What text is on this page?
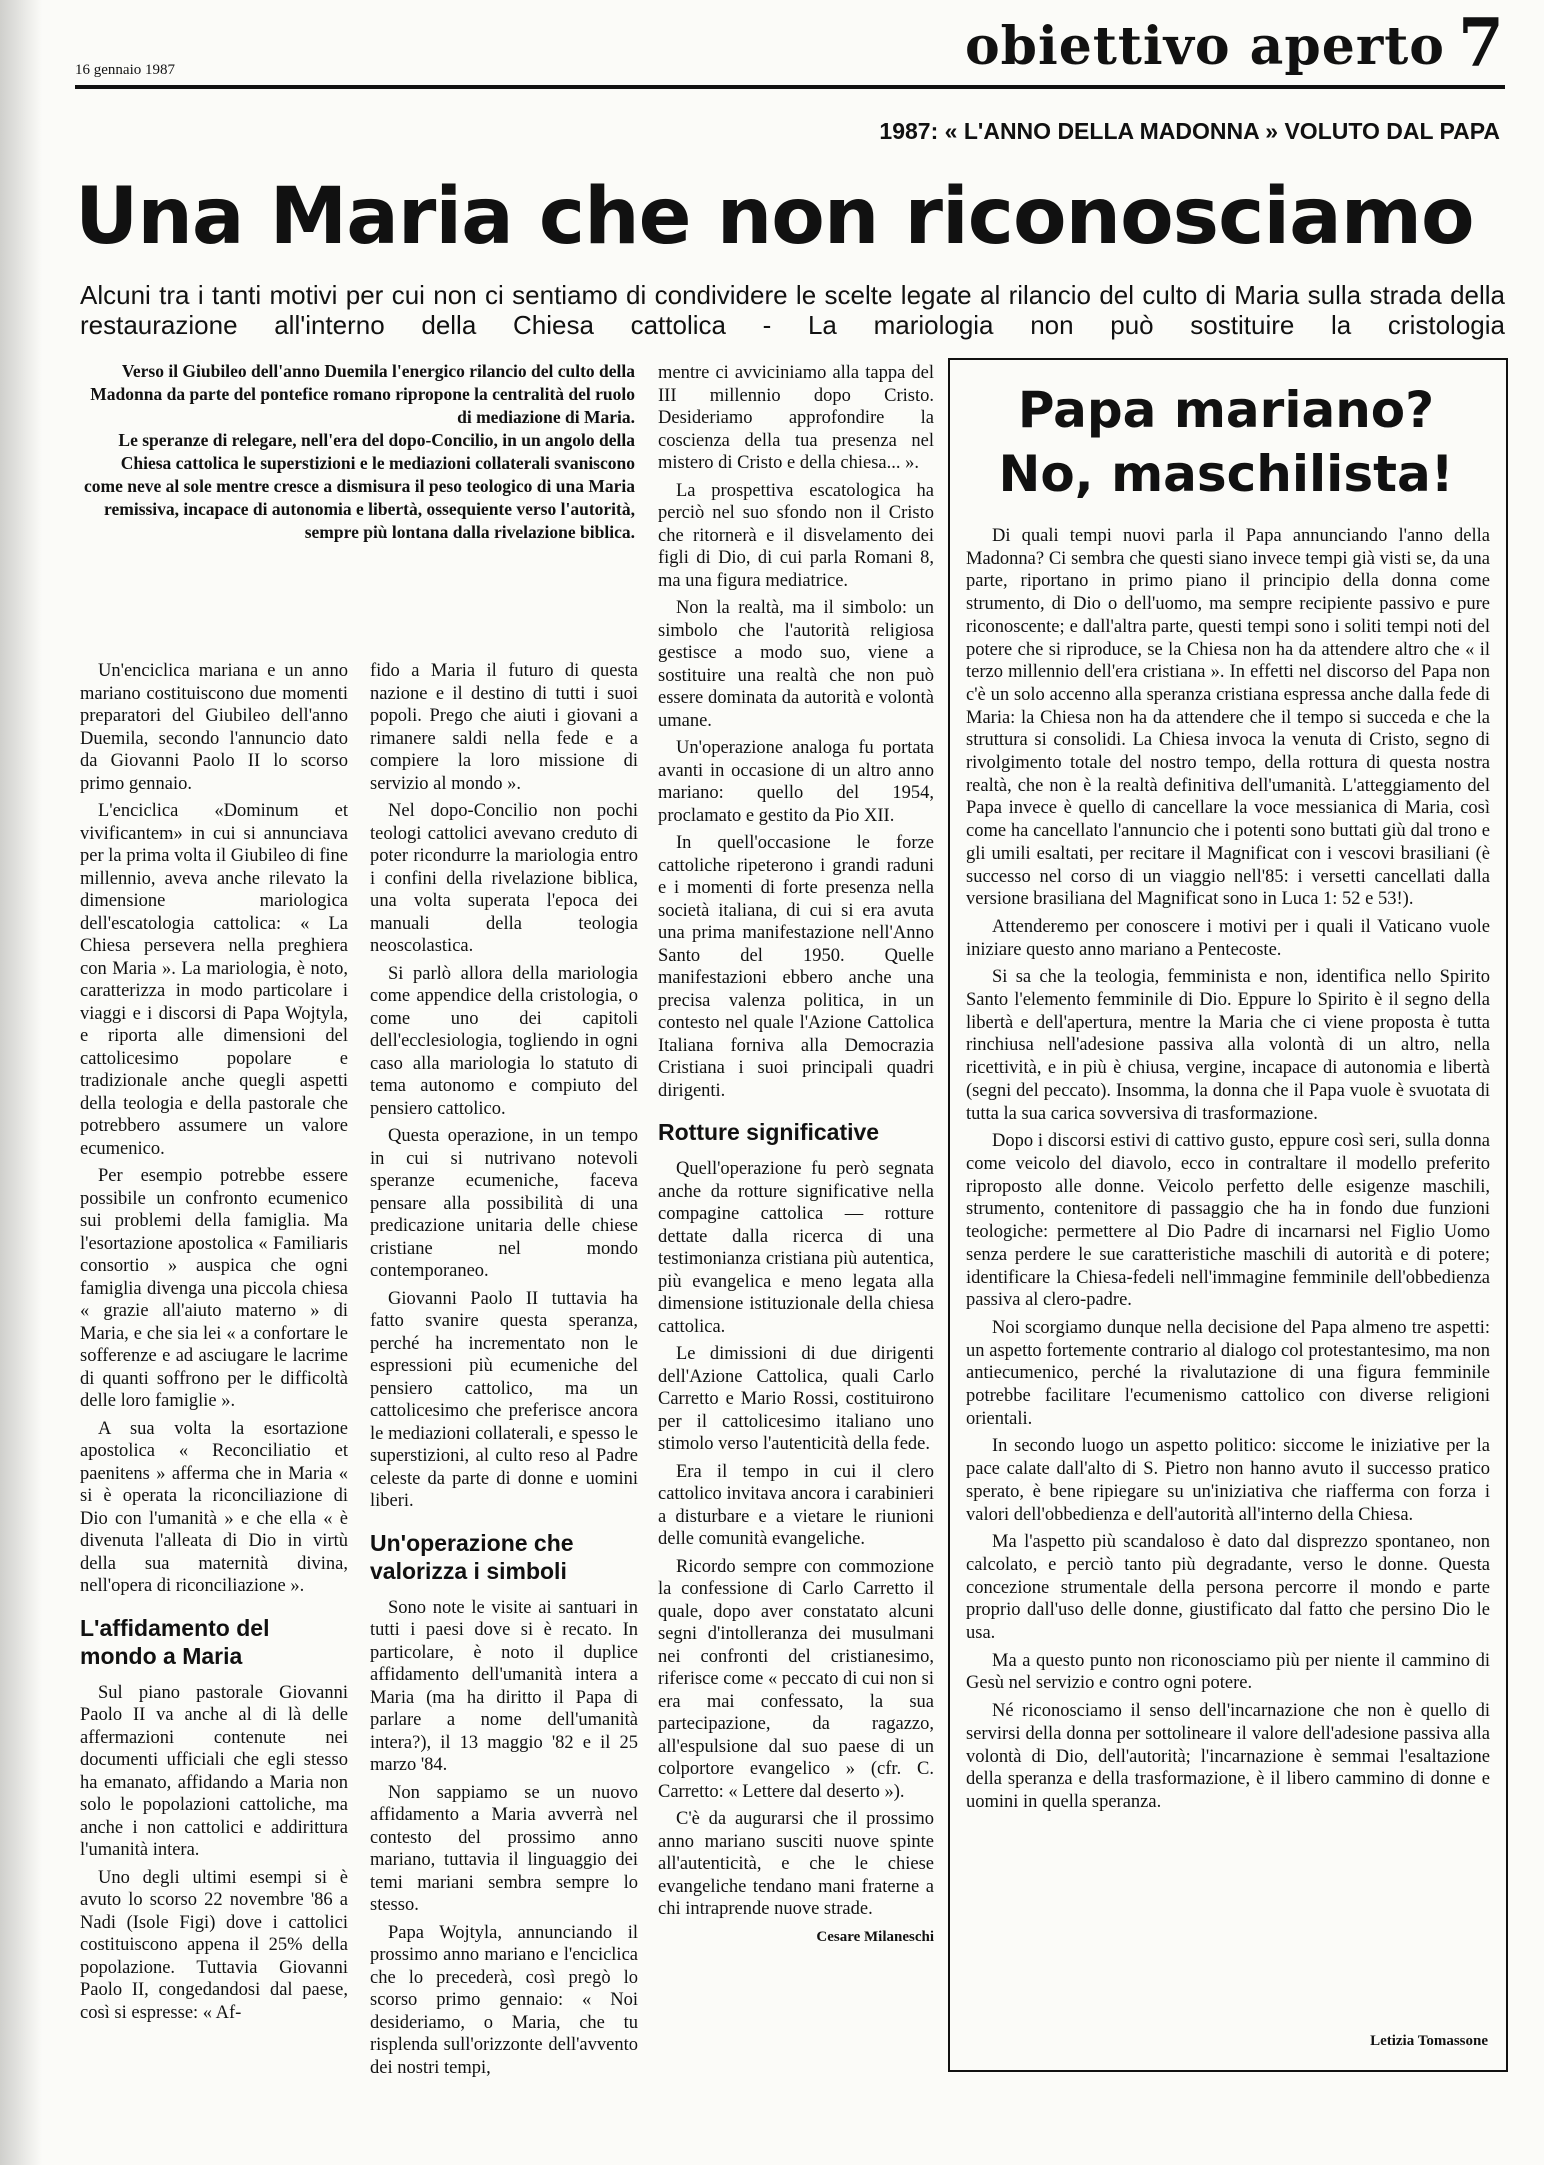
16 gennaio 1987	obiettivo aperto 7
1987: « L'ANNO DELLA MADONNA » VOLUTO DAL PAPA
Una Maria che non riconosciamo
Alcuni tra i tanti motivi per cui non ci sentiamo di condividere le scelte legate al rilancio del culto di Maria sulla strada della restaurazione all'interno della Chiesa cattolica - La mariologia non può sostituire la cristologia

Verso il Giubileo dell'anno Duemila l'energico rilancio del culto della Madonna da parte del pontefice romano ripropone la centralità del ruolo di mediazione di Maria.

Le speranze di relegare, nell'era del dopo-Concilio, in un angolo della Chiesa cattolica le superstizioni e le mediazioni collaterali svaniscono come neve al sole mentre cresce a dismisura il peso teologico di una Maria remissiva, incapace di autonomia e libertà, ossequiente verso l'autorità, sempre più lontana dalla rivelazione biblica.

Un'enciclica mariana e un anno mariano costituiscono due momenti preparatori del Giubileo dell'anno Duemila, secondo l'annuncio dato da Giovanni Paolo II lo scorso primo gennaio.

L'enciclica «Dominum et vivificantem» in cui si annunciava per la prima volta il Giubileo di fine millennio, aveva anche rilevato la dimensione mariologica dell'escatologia cattolica: « La Chiesa persevera nella preghiera con Maria ». La mariologia, è noto, caratterizza in modo particolare i viaggi e i discorsi di Papa Wojtyla, e riporta alle dimensioni del cattolicesimo popolare e tradizionale anche quegli aspetti della teologia e della pastorale che potrebbero assumere un valore ecumenico.

Per esempio potrebbe essere possibile un confronto ecumenico sui problemi della famiglia. Ma l'esortazione apostolica « Familiaris consortio » auspica che ogni famiglia divenga una piccola chiesa « grazie all'aiuto materno » di Maria, e che sia lei « a confortare le sofferenze e ad asciugare le lacrime di quanti soffrono per le difficoltà delle loro famiglie ».

A sua volta la esortazione apostolica « Reconciliatio et paenitens » afferma che in Maria « si è operata la riconciliazione di Dio con l'umanità » e che ella « è divenuta l'alleata di Dio in virtù della sua maternità divina, nell'opera di riconciliazione ».

L'affidamento del mondo a Maria

Sul piano pastorale Giovanni Paolo II va anche al di là delle affermazioni contenute nei documenti ufficiali che egli stesso ha emanato, affidando a Maria non solo le popolazioni cattoliche, ma anche i non cattolici e addirittura l'umanità intera.

Uno degli ultimi esempi si è avuto lo scorso 22 novembre '86 a Nadi (Isole Figi) dove i cattolici costituiscono appena il 25% della popolazione. Tuttavia Giovanni Paolo II, congedandosi dal paese, così si espresse: « Af-

fido a Maria il futuro di questa nazione e il destino di tutti i suoi popoli. Prego che aiuti i giovani a rimanere saldi nella fede e a compiere la loro missione di servizio al mondo ».

Nel dopo-Concilio non pochi teologi cattolici avevano creduto di poter ricondurre la mariologia entro i confini della rivelazione biblica, una volta superata l'epoca dei manuali della teologia neoscolastica.

Si parlò allora della mariologia come appendice della cristologia, o come uno dei capitoli dell'ecclesiologia, togliendo in ogni caso alla mariologia lo statuto di tema autonomo e compiuto del pensiero cattolico.

Questa operazione, in un tempo in cui si nutrivano notevoli speranze ecumeniche, faceva pensare alla possibilità di una predicazione unitaria delle chiese cristiane nel mondo contemporaneo.

Giovanni Paolo II tuttavia ha fatto svanire questa speranza, perché ha incrementato non le espressioni più ecumeniche del pensiero cattolico, ma un cattolicesimo che preferisce ancora le mediazioni collaterali, e spesso le superstizioni, al culto reso al Padre celeste da parte di donne e uomini liberi.

Un'operazione che valorizza i simboli

Sono note le visite ai santuari in tutti i paesi dove si è recato. In particolare, è noto il duplice affidamento dell'umanità intera a Maria (ma ha diritto il Papa di parlare a nome dell'umanità intera?), il 13 maggio '82 e il 25 marzo '84.

Non sappiamo se un nuovo affidamento a Maria avverrà nel contesto del prossimo anno mariano, tuttavia il linguaggio dei temi mariani sembra sempre lo stesso.

Papa Wojtyla, annunciando il prossimo anno mariano e l'enciclica che lo precederà, così pregò lo scorso primo gennaio: « Noi desideriamo, o Maria, che tu risplenda sull'orizzonte dell'avvento dei nostri tempi,

mentre ci avviciniamo alla tappa del III millennio dopo Cristo. Desideriamo approfondire la coscienza della tua presenza nel mistero di Cristo e della chiesa... ».

La prospettiva escatologica ha perciò nel suo sfondo non il Cristo che ritornerà e il disvelamento dei figli di Dio, di cui parla Romani 8, ma una figura mediatrice.

Non la realtà, ma il simbolo: un simbolo che l'autorità religiosa gestisce a modo suo, viene a sostituire una realtà che non può essere dominata da autorità e volontà umane.

Un'operazione analoga fu portata avanti in occasione di un altro anno mariano: quello del 1954, proclamato e gestito da Pio XII.

In quell'occasione le forze cattoliche ripeterono i grandi raduni e i momenti di forte presenza nella società italiana, di cui si era avuta una prima manifestazione nell'Anno Santo del 1950. Quelle manifestazioni ebbero anche una precisa valenza politica, in un contesto nel quale l'Azione Cattolica Italiana forniva alla Democrazia Cristiana i suoi principali quadri dirigenti.

Rotture significative

Quell'operazione fu però segnata anche da rotture significative nella compagine cattolica — rotture dettate dalla ricerca di una testimonianza cristiana più autentica, più evangelica e meno legata alla dimensione istituzionale della chiesa cattolica.

Le dimissioni di due dirigenti dell'Azione Cattolica, quali Carlo Carretto e Mario Rossi, costituirono per il cattolicesimo italiano uno stimolo verso l'autenticità della fede.

Era il tempo in cui il clero cattolico invitava ancora i carabinieri a disturbare e a vietare le riunioni delle comunità evangeliche.

Ricordo sempre con commozione la confessione di Carlo Carretto il quale, dopo aver constatato alcuni segni d'intolleranza dei musulmani nei confronti del cristianesimo, riferisce come « peccato di cui non si era mai confessato, la sua partecipazione, da ragazzo, all'espulsione dal suo paese di un colportore evangelico » (cfr. C. Carretto: « Lettere dal deserto »).

C'è da augurarsi che il prossimo anno mariano susciti nuove spinte all'autenticità, e che le chiese evangeliche tendano mani fraterne a chi intraprende nuove strade.

Cesare Milaneschi
Papa mariano?
No, maschilista!

Di quali tempi nuovi parla il Papa annunciando l'anno della Madonna? Ci sembra che questi siano invece tempi già visti se, da una parte, riportano in primo piano il principio della donna come strumento, di Dio o dell'uomo, ma sempre recipiente passivo e pure riconoscente; e dall'altra parte, questi tempi sono i soliti tempi noti del potere che si riproduce, se la Chiesa non ha da attendere altro che « il terzo millennio dell'era cristiana ». In effetti nel discorso del Papa non c'è un solo accenno alla speranza cristiana espressa anche dalla fede di Maria: la Chiesa non ha da attendere che il tempo si succeda e che la struttura si consolidi. La Chiesa invoca la venuta di Cristo, segno di rivolgimento totale del nostro tempo, della rottura di questa nostra realtà, che non è la realtà definitiva dell'umanità. L'atteggiamento del Papa invece è quello di cancellare la voce messianica di Maria, così come ha cancellato l'annuncio che i potenti sono buttati giù dal trono e gli umili esaltati, per recitare il Magnificat con i vescovi brasiliani (è successo nel corso di un viaggio nell'85: i versetti cancellati dalla versione brasiliana del Magnificat sono in Luca 1: 52 e 53!).

Attenderemo per conoscere i motivi per i quali il Vaticano vuole iniziare questo anno mariano a Pentecoste.

Si sa che la teologia, femminista e non, identifica nello Spirito Santo l'elemento femminile di Dio. Eppure lo Spirito è il segno della libertà e dell'apertura, mentre la Maria che ci viene proposta è tutta rinchiusa nell'adesione passiva alla volontà di un altro, nella ricettività, e in più è chiusa, vergine, incapace di autonomia e libertà (segni del peccato). Insomma, la donna che il Papa vuole è svuotata di tutta la sua carica sovversiva di trasformazione.

Dopo i discorsi estivi di cattivo gusto, eppure così seri, sulla donna come veicolo del diavolo, ecco in contraltare il modello preferito riproposto alle donne. Veicolo perfetto delle esigenze maschili, strumento, contenitore di passaggio che ha in fondo due funzioni teologiche: permettere al Dio Padre di incarnarsi nel Figlio Uomo senza perdere le sue caratteristiche maschili di autorità e di potere; identificare la Chiesa-fedeli nell'immagine femminile dell'obbedienza passiva al clero-padre.

Noi scorgiamo dunque nella decisione del Papa almeno tre aspetti: un aspetto fortemente contrario al dialogo col protestantesimo, ma non antiecumenico, perché la rivalutazione di una figura femminile potrebbe facilitare l'ecumenismo cattolico con diverse religioni orientali.

In secondo luogo un aspetto politico: siccome le iniziative per la pace calate dall'alto di S. Pietro non hanno avuto il successo pratico sperato, è bene ripiegare su un'iniziativa che riafferma con forza i valori dell'obbedienza e dell'autorità all'interno della Chiesa.

Ma l'aspetto più scandaloso è dato dal disprezzo spontaneo, non calcolato, e perciò tanto più degradante, verso le donne. Questa concezione strumentale della persona percorre il mondo e parte proprio dall'uso delle donne, giustificato dal fatto che persino Dio le usa.

Ma a questo punto non riconosciamo più per niente il cammino di Gesù nel servizio e contro ogni potere.

Né riconosciamo il senso dell'incarnazione che non è quello di servirsi della donna per sottolineare il valore dell'adesione passiva alla volontà di Dio, dell'autorità; l'incarnazione è semmai l'esaltazione della speranza e della trasformazione, è il libero cammino di donne e uomini in quella speranza.

Letizia Tomassone
